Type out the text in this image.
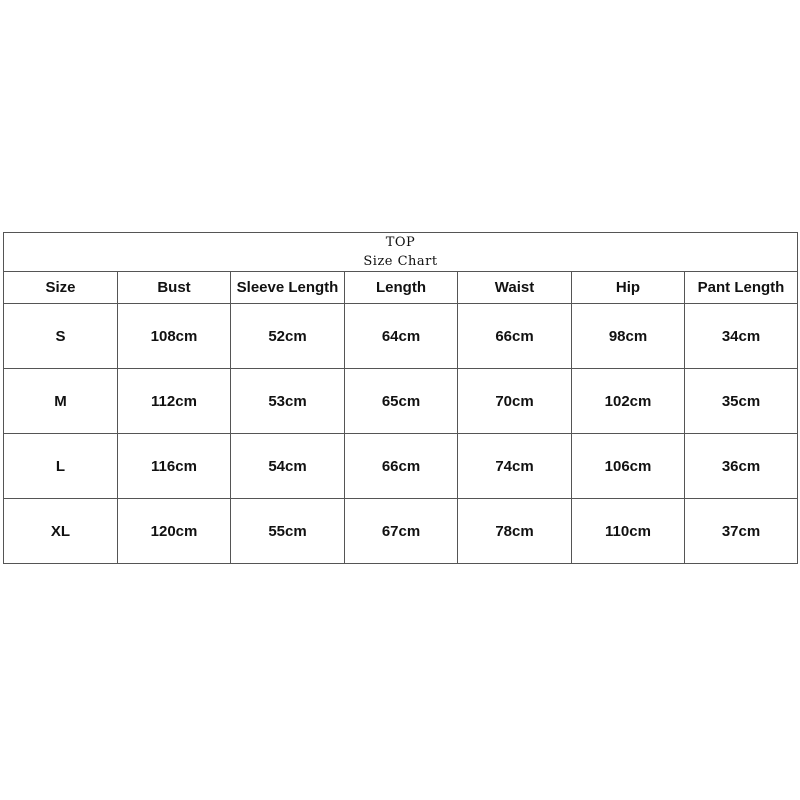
TOP
Size Chart						

Size	Bust	Sleeve Length	Length	Waist	Hip	Pant Length
S	108cm	52cm	64cm	66cm	98cm	34cm
M	112cm	53cm	65cm	70cm	102cm	35cm
L	116cm	54cm	66cm	74cm	106cm	36cm
XL	120cm	55cm	67cm	78cm	110cm	37cm
